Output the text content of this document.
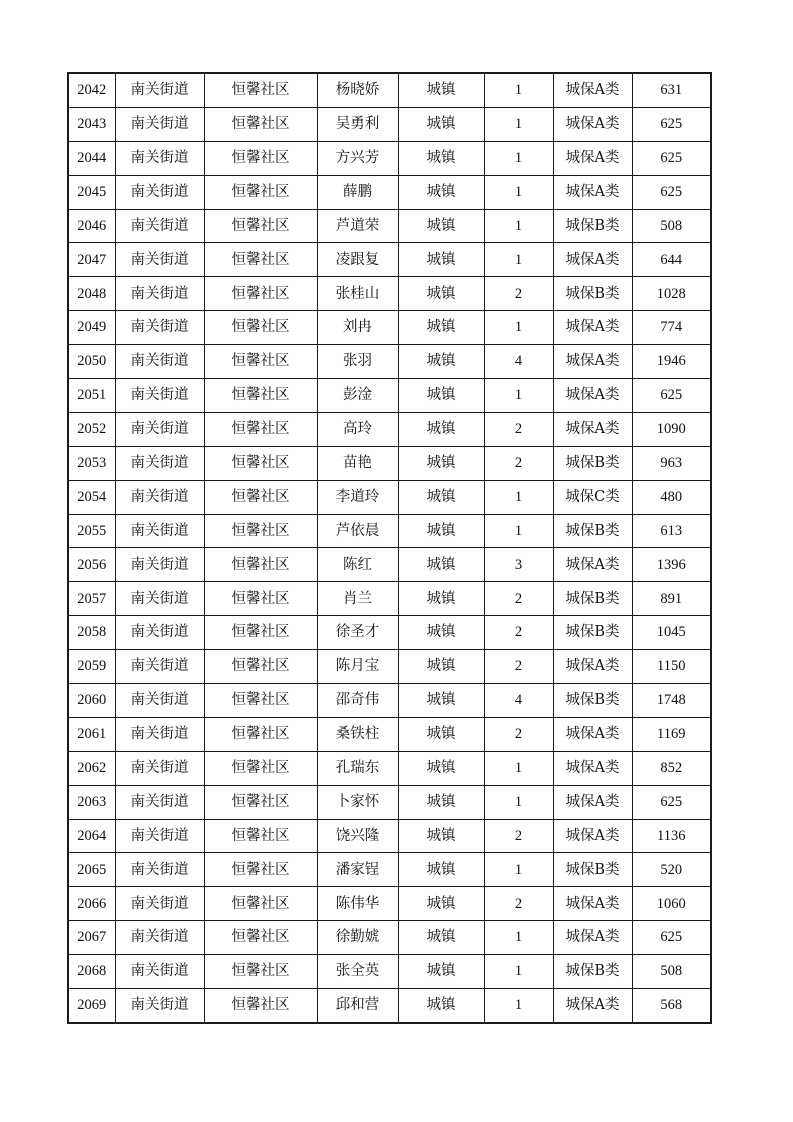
2042	南关街道	恒馨社区	杨晓娇	城镇	1	城保A类	631
2043	南关街道	恒馨社区	吴勇利	城镇	1	城保A类	625
2044	南关街道	恒馨社区	方兴芳	城镇	1	城保A类	625
2045	南关街道	恒馨社区	薛鹏	城镇	1	城保A类	625
2046	南关街道	恒馨社区	芦道荣	城镇	1	城保B类	508
2047	南关街道	恒馨社区	凌跟复	城镇	1	城保A类	644
2048	南关街道	恒馨社区	张桂山	城镇	2	城保B类	1028
2049	南关街道	恒馨社区	刘冉	城镇	1	城保A类	774
2050	南关街道	恒馨社区	张羽	城镇	4	城保A类	1946
2051	南关街道	恒馨社区	彭淦	城镇	1	城保A类	625
2052	南关街道	恒馨社区	高玲	城镇	2	城保A类	1090
2053	南关街道	恒馨社区	苗艳	城镇	2	城保B类	963
2054	南关街道	恒馨社区	李道玲	城镇	1	城保C类	480
2055	南关街道	恒馨社区	芦依晨	城镇	1	城保B类	613
2056	南关街道	恒馨社区	陈红	城镇	3	城保A类	1396
2057	南关街道	恒馨社区	肖兰	城镇	2	城保B类	891
2058	南关街道	恒馨社区	徐圣才	城镇	2	城保B类	1045
2059	南关街道	恒馨社区	陈月宝	城镇	2	城保A类	1150
2060	南关街道	恒馨社区	邵奇伟	城镇	4	城保B类	1748
2061	南关街道	恒馨社区	桑铁柱	城镇	2	城保A类	1169
2062	南关街道	恒馨社区	孔瑞东	城镇	1	城保A类	852
2063	南关街道	恒馨社区	卜家怀	城镇	1	城保A类	625
2064	南关街道	恒馨社区	饶兴隆	城镇	2	城保A类	1136
2065	南关街道	恒馨社区	潘家锃	城镇	1	城保B类	520
2066	南关街道	恒馨社区	陈伟华	城镇	2	城保A类	1060
2067	南关街道	恒馨社区	徐勤婋	城镇	1	城保A类	625
2068	南关街道	恒馨社区	张全英	城镇	1	城保B类	508
2069	南关街道	恒馨社区	邱和营	城镇	1	城保A类	568
